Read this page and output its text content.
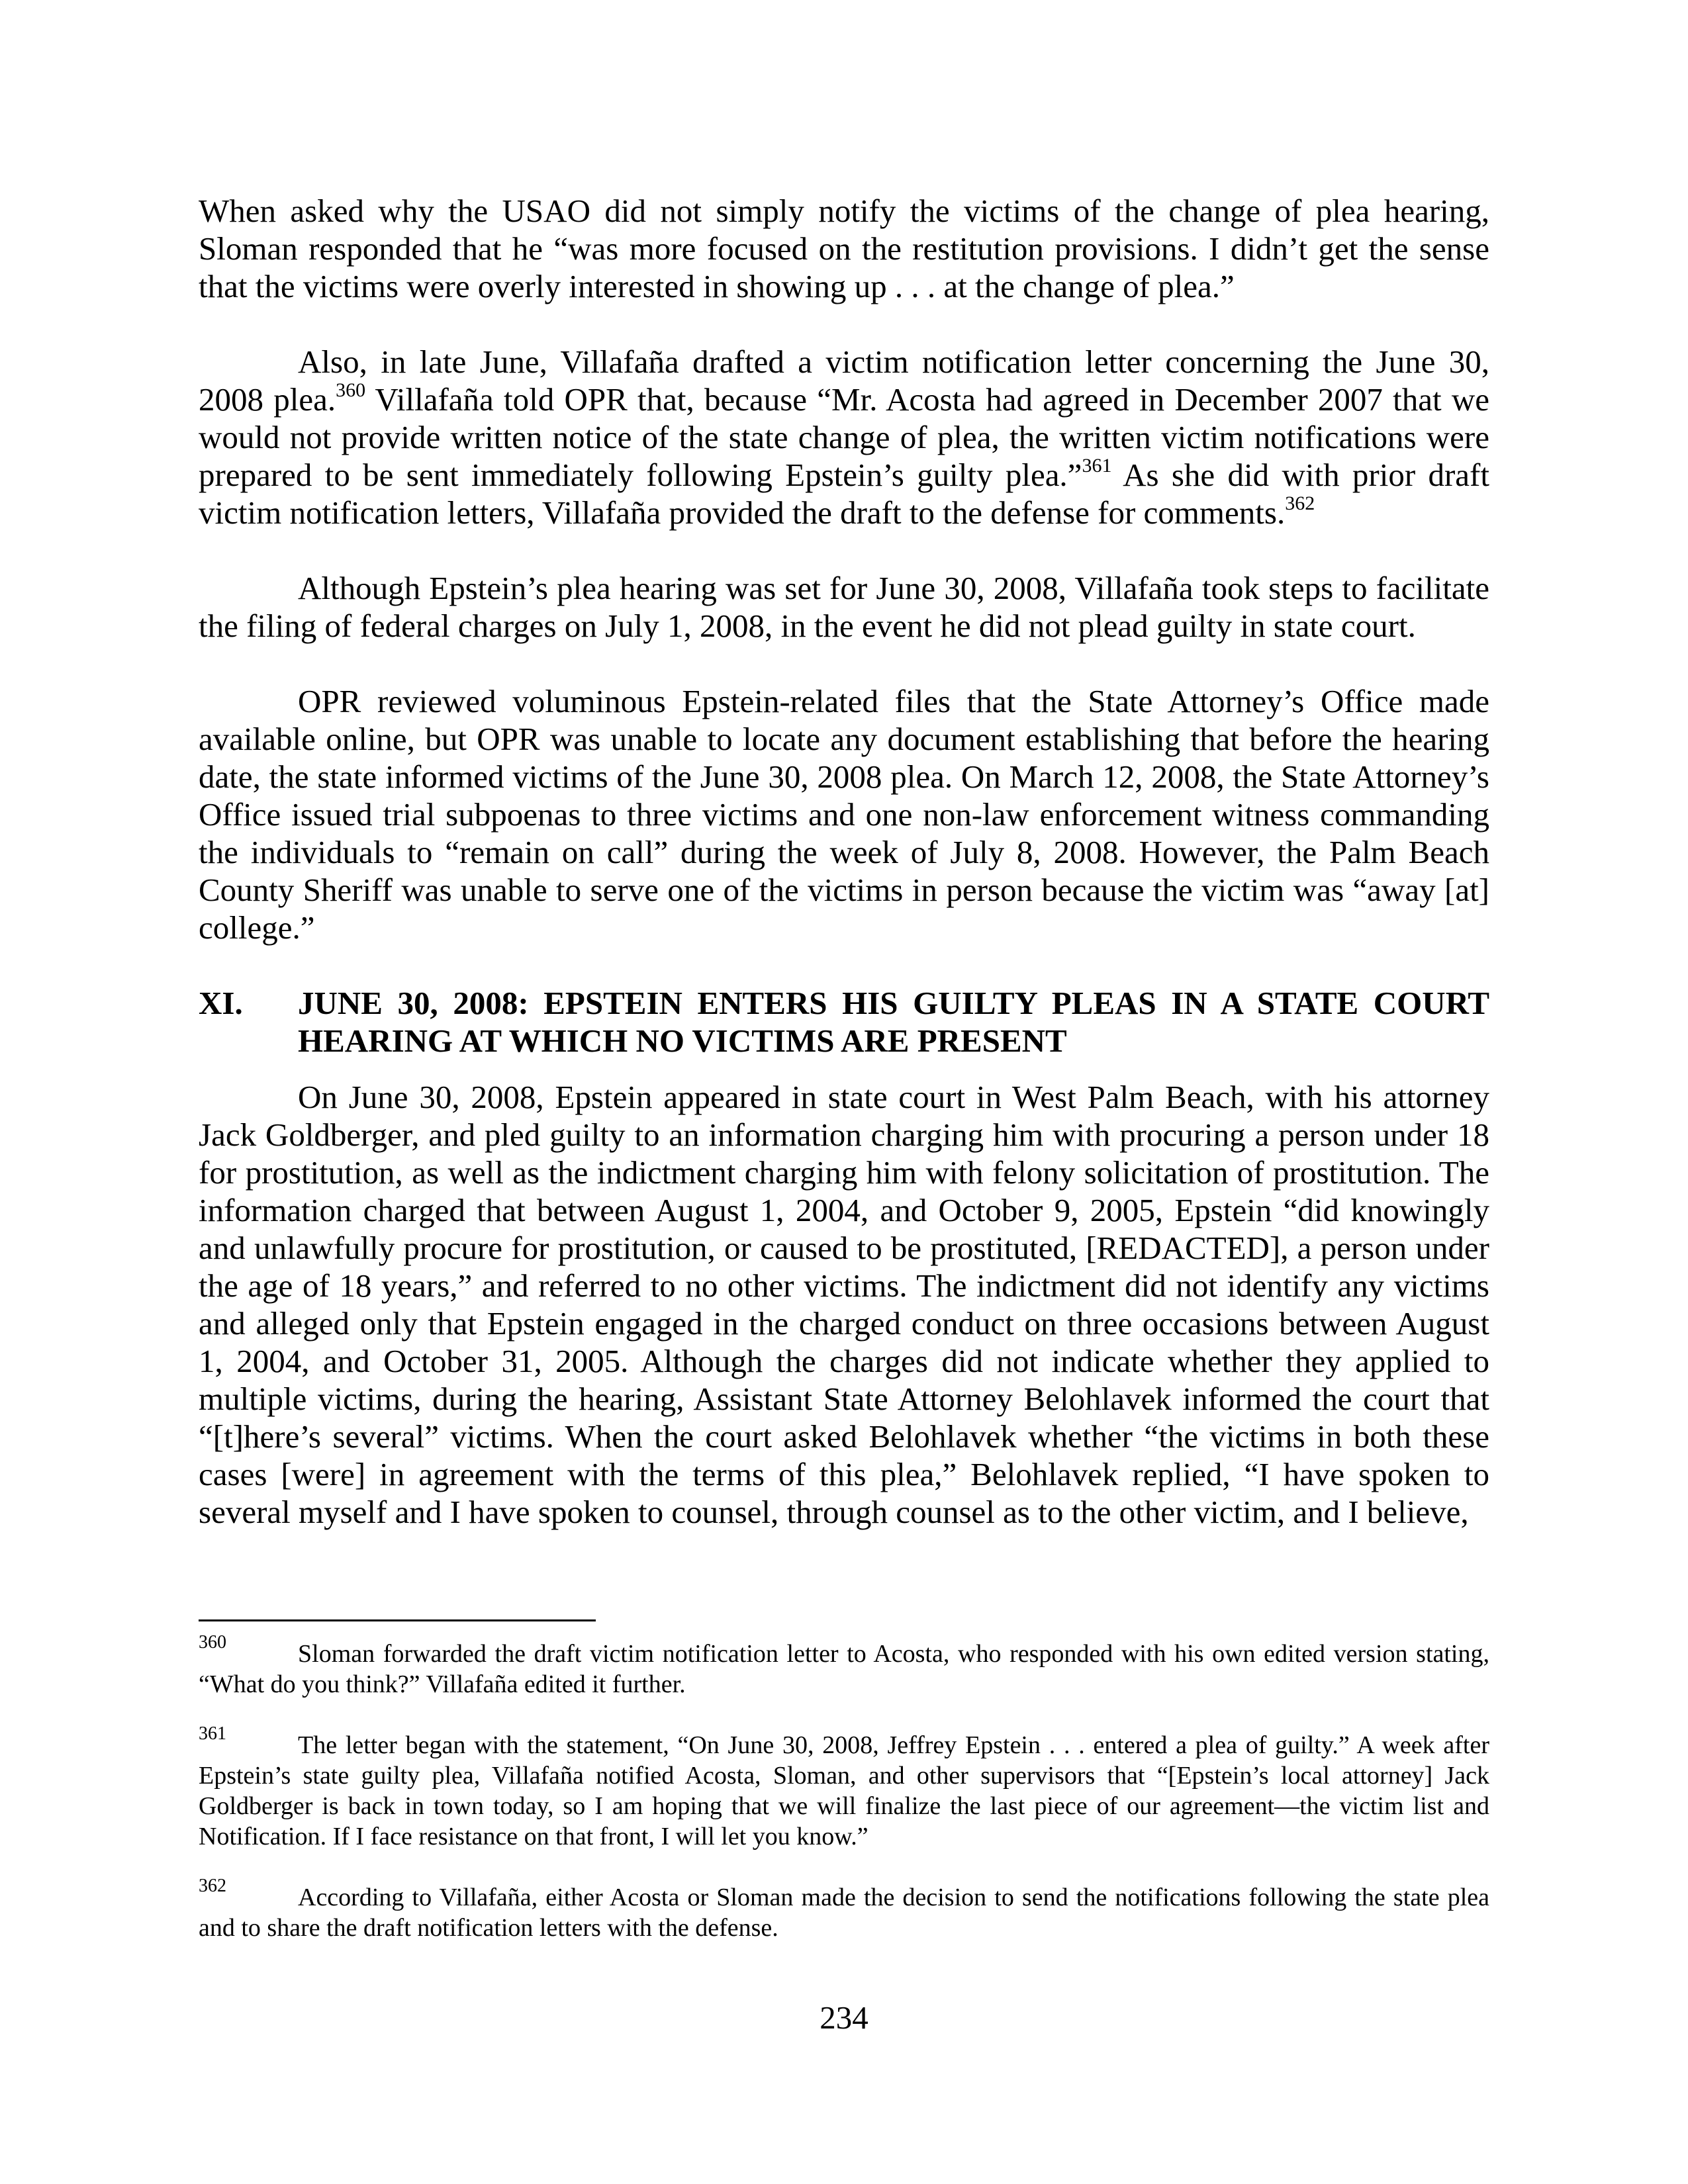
When asked why the USAO did not simply notify the victims of the change of plea hearing, Sloman responded that he “was more focused on the restitution provisions. I didn’t get the sense that the victims were overly interested in showing up . . . at the change of plea.”

Also, in late June, Villafaña drafted a victim notification letter concerning the June 30, 2008 plea.$^{360}$ Villafaña told OPR that, because “Mr. Acosta had agreed in December 2007 that we would not provide written notice of the state change of plea, the written victim notifications were prepared to be sent immediately following Epstein’s guilty plea.”$^{361}$ As she did with prior draft victim notification letters, Villafaña provided the draft to the defense for comments.$^{362}$

Although Epstein’s plea hearing was set for June 30, 2008, Villafaña took steps to facilitate the filing of federal charges on July 1, 2008, in the event he did not plead guilty in state court.

OPR reviewed voluminous Epstein-related files that the State Attorney’s Office made available online, but OPR was unable to locate any document establishing that before the hearing date, the state informed victims of the June 30, 2008 plea. On March 12, 2008, the State Attorney’s Office issued trial subpoenas to three victims and one non-law enforcement witness commanding the individuals to “remain on call” during the week of July 8, 2008. However, the Palm Beach County Sheriff was unable to serve one of the victims in person because the victim was “away [at] college.”

XI.	JUNE 30, 2008: EPSTEIN ENTERS HIS GUILTY PLEAS IN A STATE COURT HEARING AT WHICH NO VICTIMS ARE PRESENT

On June 30, 2008, Epstein appeared in state court in West Palm Beach, with his attorney Jack Goldberger, and pled guilty to an information charging him with procuring a person under 18 for prostitution, as well as the indictment charging him with felony solicitation of prostitution. The information charged that between August 1, 2004, and October 9, 2005, Epstein “did knowingly and unlawfully procure for prostitution, or caused to be prostituted, [REDACTED], a person under the age of 18 years,” and referred to no other victims. The indictment did not identify any victims and alleged only that Epstein engaged in the charged conduct on three occasions between August 1, 2004, and October 31, 2005. Although the charges did not indicate whether they applied to multiple victims, during the hearing, Assistant State Attorney Belohlavek informed the court that “[t]here’s several” victims. When the court asked Belohlavek whether “the victims in both these cases [were] in agreement with the terms of this plea,” Belohlavek replied, “I have spoken to several myself and I have spoken to counsel, through counsel as to the other victim, and I believe,

360	Sloman forwarded the draft victim notification letter to Acosta, who responded with his own edited version stating, “What do you think?” Villafaña edited it further.

361	The letter began with the statement, “On June 30, 2008, Jeffrey Epstein . . . entered a plea of guilty.” A week after Epstein’s state guilty plea, Villafaña notified Acosta, Sloman, and other supervisors that “[Epstein’s local attorney] Jack Goldberger is back in town today, so I am hoping that we will finalize the last piece of our agreement—the victim list and Notification. If I face resistance on that front, I will let you know.”

362	According to Villafaña, either Acosta or Sloman made the decision to send the notifications following the state plea and to share the draft notification letters with the defense.

234
